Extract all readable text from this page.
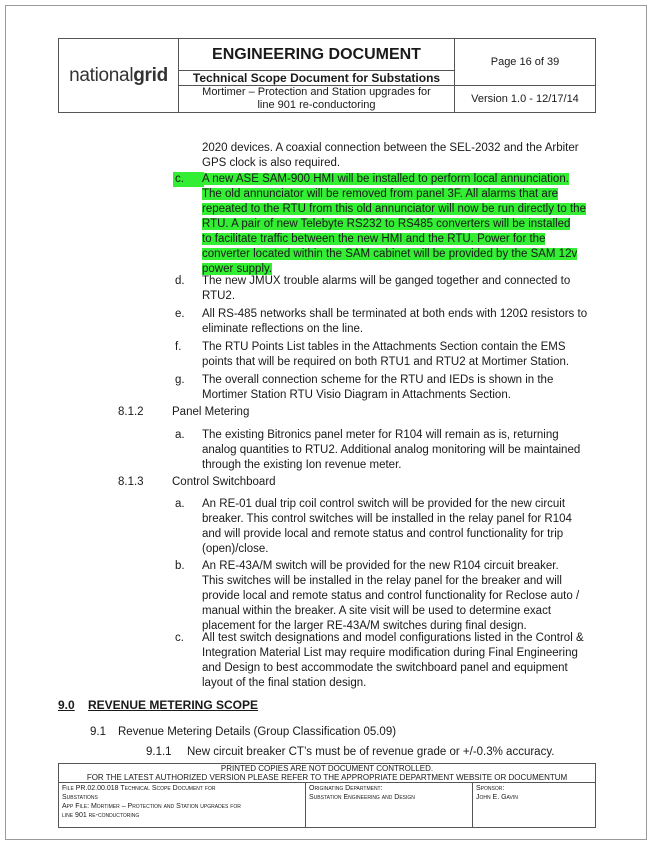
nationalgrid	ENGINEERING DOCUMENT	Page 16 of 39
	Technical Scope Document for Substations	
	Mortimer – Protection and Station upgrades for
line 901 re-conductoring	Version 1.0 - 12/17/14
2020 devices. A coaxial connection between the SEL-2032 and the Arbiter
GPS clock is also required.
c.	A new ASE SAM-900 HMI will be installed to perform local annunciation.
The old annunciator will be removed from panel 3F. All alarms that are
repeated to the RTU from this old annunciator will now be run directly to the
RTU. A pair of new Telebyte RS232 to RS485 converters will be installed
to facilitate traffic between the new HMI and the RTU. Power for the
converter located within the SAM cabinet will be provided by the SAM 12v
power supply.
d. The new JMUX trouble alarms will be ganged together and connected to
RTU2.
e. All RS-485 networks shall be terminated at both ends with 120Ω resistors to
eliminate reflections on the line.
f. The RTU Points List tables in the Attachments Section contain the EMS
points that will be required on both RTU1 and RTU2 at Mortimer Station.
g. The overall connection scheme for the RTU and IEDs is shown in the
Mortimer Station RTU Visio Diagram in Attachments Section.
8.1.2 Panel Metering
a. The existing Bitronics panel meter for R104 will remain as is, returning
analog quantities to RTU2. Additional analog monitoring will be maintained
through the existing Ion revenue meter.
8.1.3 Control Switchboard
a. An RE-01 dual trip coil control switch will be provided for the new circuit
breaker. This control switches will be installed in the relay panel for R104
and will provide local and remote status and control functionality for trip
(open)/close.
b. An RE-43A/M switch will be provided for the new R104 circuit breaker.
This switches will be installed in the relay panel for the breaker and will
provide local and remote status and control functionality for Reclose auto /
manual within the breaker. A site visit will be used to determine exact
placement for the larger RE-43A/M switches during final design.
c. All test switch designations and model configurations listed in the Control &
Integration Material List may require modification during Final Engineering
and Design to best accommodate the switchboard panel and equipment
layout of the final station design.
9.0 REVENUE METERING SCOPE
9.1 Revenue Metering Details (Group Classification 05.09)
9.1.1 New circuit breaker CT’s must be of revenue grade or +/-0.3% accuracy.
PRINTED COPIES ARE NOT DOCUMENT CONTROLLED.
FOR THE LATEST AUTHORIZED VERSION PLEASE REFER TO THE APPROPRIATE DEPARTMENT WEBSITE OR DOCUMENTUM

File PR.02.00.018 Technical Scope Document for
Substations
App File: Mortimer – Protection and Station upgrades for
line 901 re-conductoring

Originating Department:
Substation Engineering and Design

Sponsor:
John E. Gavin
